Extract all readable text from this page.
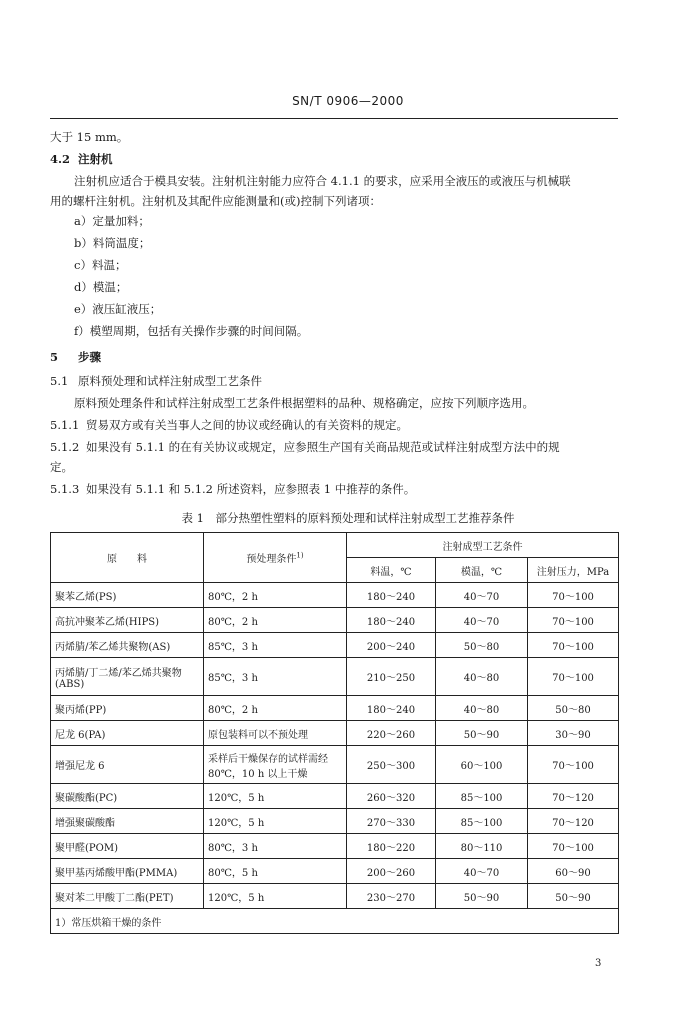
SN/T 0906—2000
大于 15 mm。
4.2 注射机
注射机应适合于模具安装。注射机注射能力应符合 4.1.1 的要求，应采用全液压的或液压与机械联
用的螺杆注射机。注射机及其配件应能测量和(或)控制下列诸项：
a）定量加料；
b）料筒温度；
c）料温；
d）模温；
e）液压缸液压；
f）模塑周期，包括有关操作步骤的时间间隔。
5 步骤
5.1 原料预处理和试样注射成型工艺条件
原料预处理条件和试样注射成型工艺条件根据塑料的品种、规格确定，应按下列顺序选用。
5.1.1 贸易双方或有关当事人之间的协议或经确认的有关资料的规定。
5.1.2 如果没有 5.1.1 的在有关协议或规定，应参照生产国有关商品规范或试样注射成型方法中的规
定。
5.1.3 如果没有 5.1.1 和 5.1.2 所述资料，应参照表 1 中推荐的条件。
表 1　部分热塑性塑料的原料预处理和试样注射成型工艺推荐条件
原　　料	预处理条件$^{1)}$	注射成型工艺条件		
		料温，℃	模温，℃	注射压力，MPa
聚苯乙烯(PS)	80℃，2 h	180～240	40～70	70～100
高抗冲聚苯乙烯(HIPS)	80℃，2 h	180～240	40～70	70～100
丙烯腈/苯乙烯共聚物(AS)	85℃，3 h	200～240	50～80	70～100
丙烯腈/丁二烯/苯乙烯共聚物(ABS)	85℃，3 h	210～250	40～80	70～100
聚丙烯(PP)	80℃，2 h	180～240	40～80	50～80
尼龙 6(PA)	原包装料可以不预处理	220～260	50～90	30～90
增强尼龙 6	采样后干燥保存的试样需经80℃，10 h 以上干燥	250～300	60～100	70～100
聚碳酸酯(PC)	120℃，5 h	260～320	85～100	70～120
增强聚碳酸酯	120℃，5 h	270～330	85～100	70～120
聚甲醛(POM)	80℃，3 h	180～220	80～110	70～100
聚甲基丙烯酸甲酯(PMMA)	80℃，5 h	200～260	40～70	60～90
聚对苯二甲酸丁二酯(PET)	120℃，5 h	230～270	50～90	50～90
1）常压烘箱干燥的条件				
3
